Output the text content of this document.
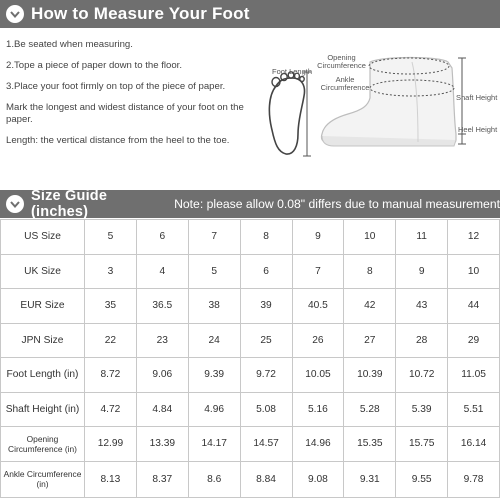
How to Measure Your Foot

1.Be seated when measuring.

2.Tope a piece of paper down to the floor.

3.Place your foot firmly on top of the piece of paper.

Mark the longest and widest distance of your foot on the paper.

Length: the vertical distance from the heel to the toe.

Foot Length
Opening Circumference
Ankle Circumference
Shaft Height
Heel Height
Size Guide (inches)	Note: please allow 0.08" differs due to manual measurement
US Size	5	6	7	8	9	10	11	12
UK Size	3	4	5	6	7	8	9	10
EUR Size	35	36.5	38	39	40.5	42	43	44
JPN Size	22	23	24	25	26	27	28	29
Foot Length (in)	8.72	9.06	9.39	9.72	10.05	10.39	10.72	11.05
Shaft Height (in)	4.72	4.84	4.96	5.08	5.16	5.28	5.39	5.51
Opening Circumference (in)	12.99	13.39	14.17	14.57	14.96	15.35	15.75	16.14
Ankle Circumference (in)	8.13	8.37	8.6	8.84	9.08	9.31	9.55	9.78
